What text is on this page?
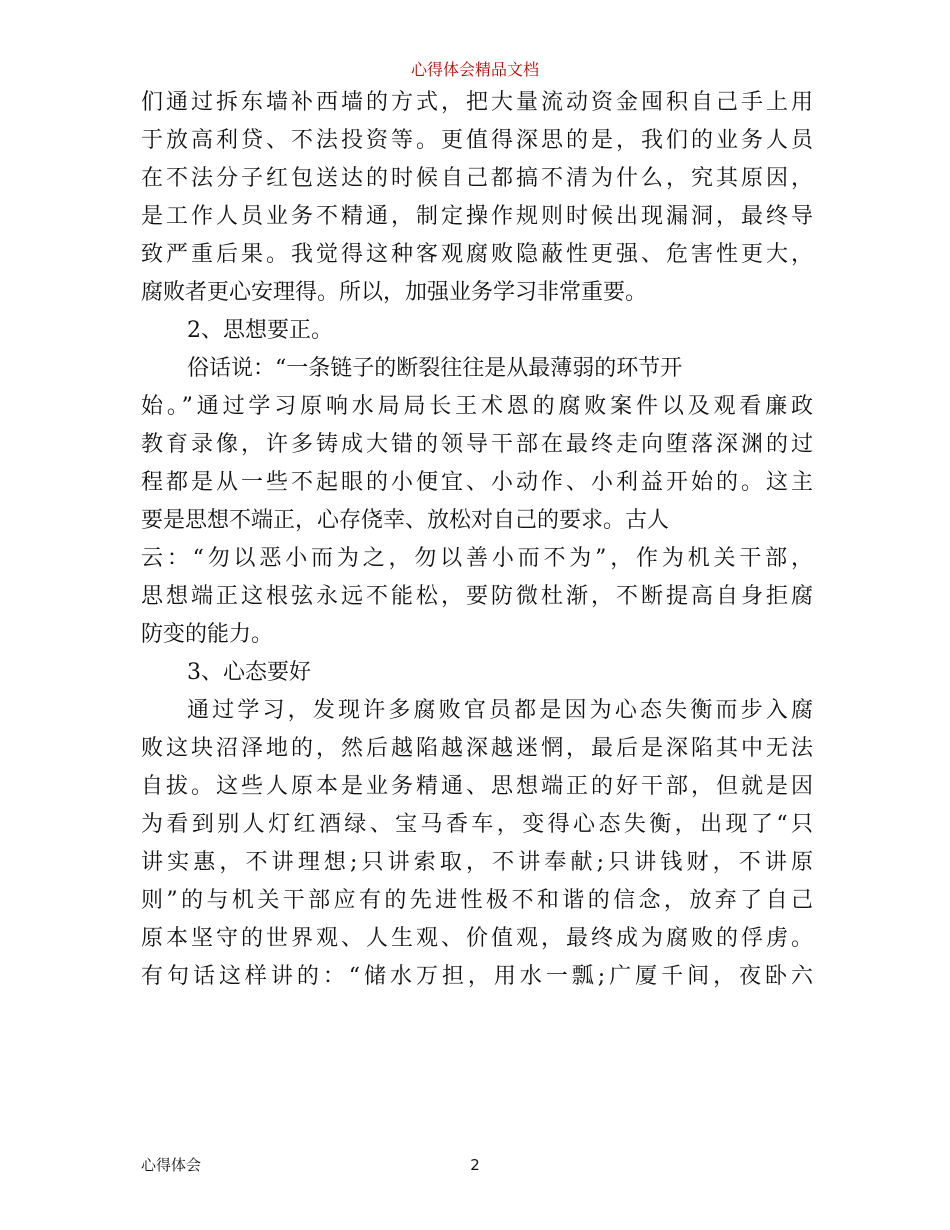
心得体会精品文档
们通过拆东墙补西墙的方式，把大量流动资金囤积自己手上用
于放高利贷、不法投资等。更值得深思的是，我们的业务人员
在不法分子红包送达的时候自己都搞不清为什么，究其原因，
是工作人员业务不精通，制定操作规则时候出现漏洞，最终导
致严重后果。我觉得这种客观腐败隐蔽性更强、危害性更大，
腐败者更心安理得。所以，加强业务学习非常重要。
2、思想要正。
俗话说：“一条链子的断裂往往是从最薄弱的环节开
始。”通过学习原响水局局长王术恩的腐败案件以及观看廉政
教育录像，许多铸成大错的领导干部在最终走向堕落深渊的过
程都是从一些不起眼的小便宜、小动作、小利益开始的。这主
要是思想不端正，心存侥幸、放松对自己的要求。古人
云：“勿以恶小而为之，勿以善小而不为”，作为机关干部，
思想端正这根弦永远不能松，要防微杜渐，不断提高自身拒腐
防变的能力。
3、心态要好
通过学习，发现许多腐败官员都是因为心态失衡而步入腐
败这块沼泽地的，然后越陷越深越迷惘，最后是深陷其中无法
自拔。这些人原本是业务精通、思想端正的好干部，但就是因
为看到别人灯红酒绿、宝马香车，变得心态失衡，出现了“只
讲实惠，不讲理想;只讲索取，不讲奉献;只讲钱财，不讲原
则”的与机关干部应有的先进性极不和谐的信念，放弃了自己
原本坚守的世界观、人生观、价值观，最终成为腐败的俘虏。
有句话这样讲的：“储水万担，用水一瓢;广厦千间，夜卧六
心得体会	2
